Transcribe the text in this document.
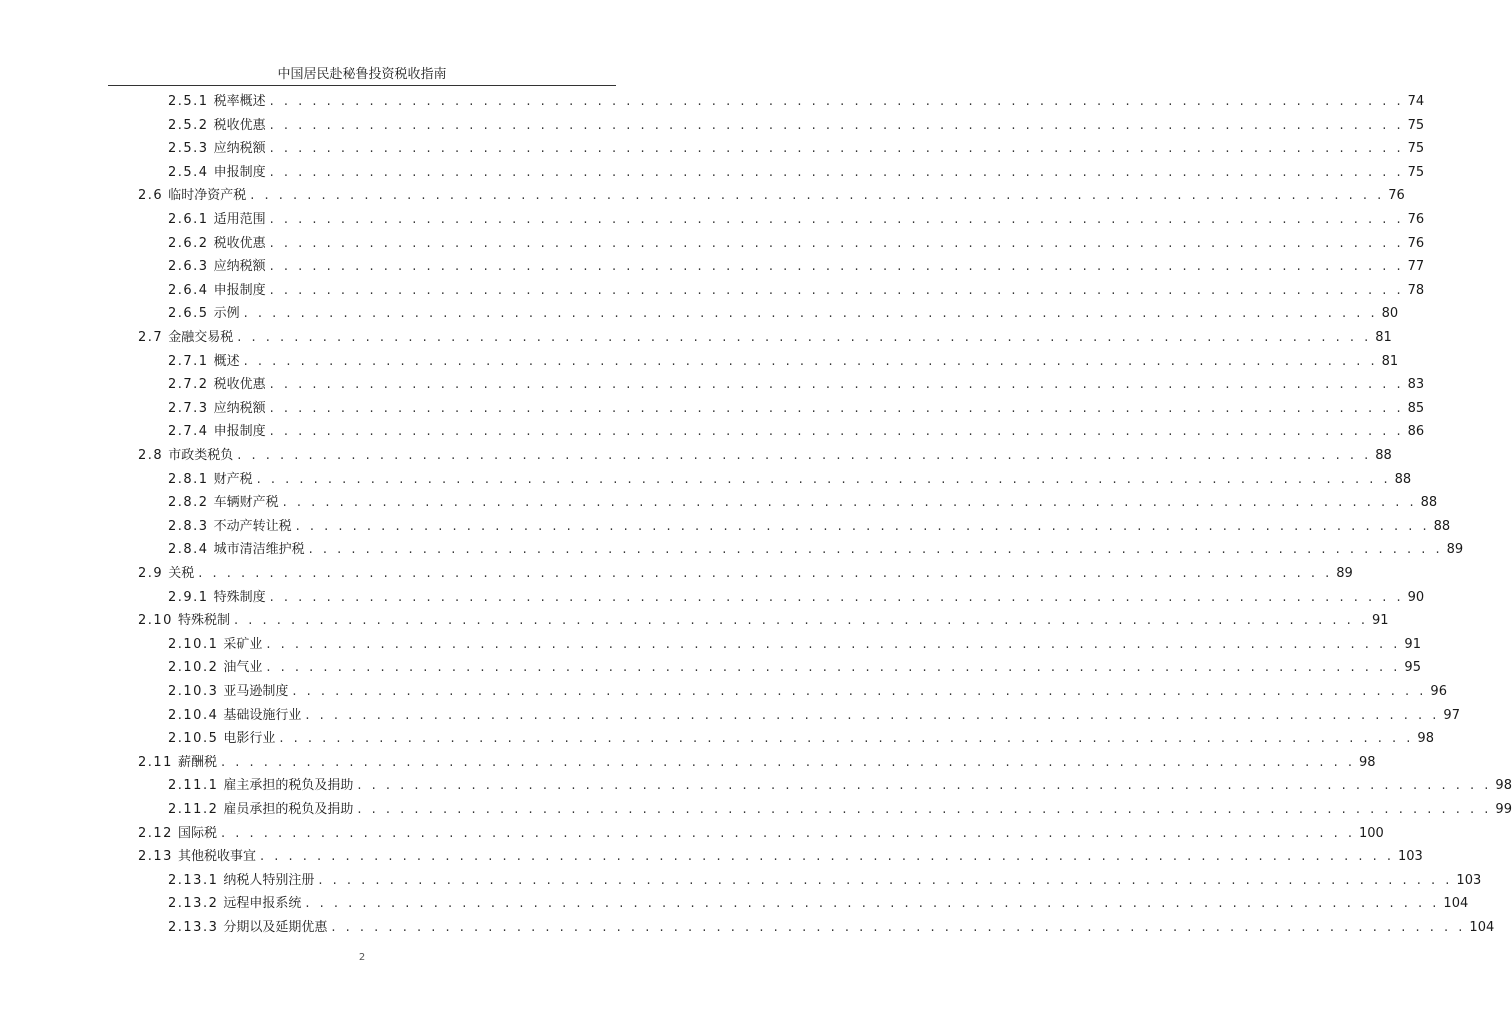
中国居民赴秘鲁投资税收指南
2.5.1 税率概述 . . . . . . . . . . . . . . . . . . . . . . . . . . . . . . . . . . . . . . . . . . . . . . . . . . . . . . . . . . . . . . . . . . . . . . . . . . . . . . . . 74
2.5.2 税收优惠 . . . . . . . . . . . . . . . . . . . . . . . . . . . . . . . . . . . . . . . . . . . . . . . . . . . . . . . . . . . . . . . . . . . . . . . . . . . . . . . . 75
2.5.3 应纳税额 . . . . . . . . . . . . . . . . . . . . . . . . . . . . . . . . . . . . . . . . . . . . . . . . . . . . . . . . . . . . . . . . . . . . . . . . . . . . . . . . 75
2.5.4 申报制度 . . . . . . . . . . . . . . . . . . . . . . . . . . . . . . . . . . . . . . . . . . . . . . . . . . . . . . . . . . . . . . . . . . . . . . . . . . . . . . . . 75
2.6 临时净资产税 . . . . . . . . . . . . . . . . . . . . . . . . . . . . . . . . . . . . . . . . . . . . . . . . . . . . . . . . . . . . . . . . . . . . . . . . . . . . . . . . 76
2.6.1 适用范围 . . . . . . . . . . . . . . . . . . . . . . . . . . . . . . . . . . . . . . . . . . . . . . . . . . . . . . . . . . . . . . . . . . . . . . . . . . . . . . . . 76
2.6.2 税收优惠 . . . . . . . . . . . . . . . . . . . . . . . . . . . . . . . . . . . . . . . . . . . . . . . . . . . . . . . . . . . . . . . . . . . . . . . . . . . . . . . . 76
2.6.3 应纳税额 . . . . . . . . . . . . . . . . . . . . . . . . . . . . . . . . . . . . . . . . . . . . . . . . . . . . . . . . . . . . . . . . . . . . . . . . . . . . . . . . 77
2.6.4 申报制度 . . . . . . . . . . . . . . . . . . . . . . . . . . . . . . . . . . . . . . . . . . . . . . . . . . . . . . . . . . . . . . . . . . . . . . . . . . . . . . . . 78
2.6.5 示例 . . . . . . . . . . . . . . . . . . . . . . . . . . . . . . . . . . . . . . . . . . . . . . . . . . . . . . . . . . . . . . . . . . . . . . . . . . . . . . . . 80
2.7 金融交易税 . . . . . . . . . . . . . . . . . . . . . . . . . . . . . . . . . . . . . . . . . . . . . . . . . . . . . . . . . . . . . . . . . . . . . . . . . . . . . . . . 81
2.7.1 概述 . . . . . . . . . . . . . . . . . . . . . . . . . . . . . . . . . . . . . . . . . . . . . . . . . . . . . . . . . . . . . . . . . . . . . . . . . . . . . . . . 81
2.7.2 税收优惠 . . . . . . . . . . . . . . . . . . . . . . . . . . . . . . . . . . . . . . . . . . . . . . . . . . . . . . . . . . . . . . . . . . . . . . . . . . . . . . . . 83
2.7.3 应纳税额 . . . . . . . . . . . . . . . . . . . . . . . . . . . . . . . . . . . . . . . . . . . . . . . . . . . . . . . . . . . . . . . . . . . . . . . . . . . . . . . . 85
2.7.4 申报制度 . . . . . . . . . . . . . . . . . . . . . . . . . . . . . . . . . . . . . . . . . . . . . . . . . . . . . . . . . . . . . . . . . . . . . . . . . . . . . . . . 86
2.8 市政类税负 . . . . . . . . . . . . . . . . . . . . . . . . . . . . . . . . . . . . . . . . . . . . . . . . . . . . . . . . . . . . . . . . . . . . . . . . . . . . . . . . 88
2.8.1 财产税 . . . . . . . . . . . . . . . . . . . . . . . . . . . . . . . . . . . . . . . . . . . . . . . . . . . . . . . . . . . . . . . . . . . . . . . . . . . . . . . . 88
2.8.2 车辆财产税 . . . . . . . . . . . . . . . . . . . . . . . . . . . . . . . . . . . . . . . . . . . . . . . . . . . . . . . . . . . . . . . . . . . . . . . . . . . . . . . . 88
2.8.3 不动产转让税 . . . . . . . . . . . . . . . . . . . . . . . . . . . . . . . . . . . . . . . . . . . . . . . . . . . . . . . . . . . . . . . . . . . . . . . . . . . . . . . . 88
2.8.4 城市清洁维护税 . . . . . . . . . . . . . . . . . . . . . . . . . . . . . . . . . . . . . . . . . . . . . . . . . . . . . . . . . . . . . . . . . . . . . . . . . . . . . . . . 89
2.9 关税 . . . . . . . . . . . . . . . . . . . . . . . . . . . . . . . . . . . . . . . . . . . . . . . . . . . . . . . . . . . . . . . . . . . . . . . . . . . . . . . . 89
2.9.1 特殊制度 . . . . . . . . . . . . . . . . . . . . . . . . . . . . . . . . . . . . . . . . . . . . . . . . . . . . . . . . . . . . . . . . . . . . . . . . . . . . . . . . 90
2.10 特殊税制 . . . . . . . . . . . . . . . . . . . . . . . . . . . . . . . . . . . . . . . . . . . . . . . . . . . . . . . . . . . . . . . . . . . . . . . . . . . . . . . . 91
2.10.1 采矿业 . . . . . . . . . . . . . . . . . . . . . . . . . . . . . . . . . . . . . . . . . . . . . . . . . . . . . . . . . . . . . . . . . . . . . . . . . . . . . . . . 91
2.10.2 油气业 . . . . . . . . . . . . . . . . . . . . . . . . . . . . . . . . . . . . . . . . . . . . . . . . . . . . . . . . . . . . . . . . . . . . . . . . . . . . . . . . 95
2.10.3 亚马逊制度 . . . . . . . . . . . . . . . . . . . . . . . . . . . . . . . . . . . . . . . . . . . . . . . . . . . . . . . . . . . . . . . . . . . . . . . . . . . . . . . . 96
2.10.4 基础设施行业 . . . . . . . . . . . . . . . . . . . . . . . . . . . . . . . . . . . . . . . . . . . . . . . . . . . . . . . . . . . . . . . . . . . . . . . . . . . . . . . . 97
2.10.5 电影行业 . . . . . . . . . . . . . . . . . . . . . . . . . . . . . . . . . . . . . . . . . . . . . . . . . . . . . . . . . . . . . . . . . . . . . . . . . . . . . . . . 98
2.11 薪酬税 . . . . . . . . . . . . . . . . . . . . . . . . . . . . . . . . . . . . . . . . . . . . . . . . . . . . . . . . . . . . . . . . . . . . . . . . . . . . . . . . 98
2.11.1 雇主承担的税负及捐助 . . . . . . . . . . . . . . . . . . . . . . . . . . . . . . . . . . . . . . . . . . . . . . . . . . . . . . . . . . . . . . . . . . . . . . . . . . . . . . . . 98
2.11.2 雇员承担的税负及捐助 . . . . . . . . . . . . . . . . . . . . . . . . . . . . . . . . . . . . . . . . . . . . . . . . . . . . . . . . . . . . . . . . . . . . . . . . . . . . . . . . 99
2.12 国际税 . . . . . . . . . . . . . . . . . . . . . . . . . . . . . . . . . . . . . . . . . . . . . . . . . . . . . . . . . . . . . . . . . . . . . . . . . . . . . . . . 100
2.13 其他税收事宜 . . . . . . . . . . . . . . . . . . . . . . . . . . . . . . . . . . . . . . . . . . . . . . . . . . . . . . . . . . . . . . . . . . . . . . . . . . . . . . . . 103
2.13.1 纳税人特别注册 . . . . . . . . . . . . . . . . . . . . . . . . . . . . . . . . . . . . . . . . . . . . . . . . . . . . . . . . . . . . . . . . . . . . . . . . . . . . . . . . 103
2.13.2 远程申报系统 . . . . . . . . . . . . . . . . . . . . . . . . . . . . . . . . . . . . . . . . . . . . . . . . . . . . . . . . . . . . . . . . . . . . . . . . . . . . . . . . 104
2.13.3 分期以及延期优惠 . . . . . . . . . . . . . . . . . . . . . . . . . . . . . . . . . . . . . . . . . . . . . . . . . . . . . . . . . . . . . . . . . . . . . . . . . . . . . . . . 104
2
